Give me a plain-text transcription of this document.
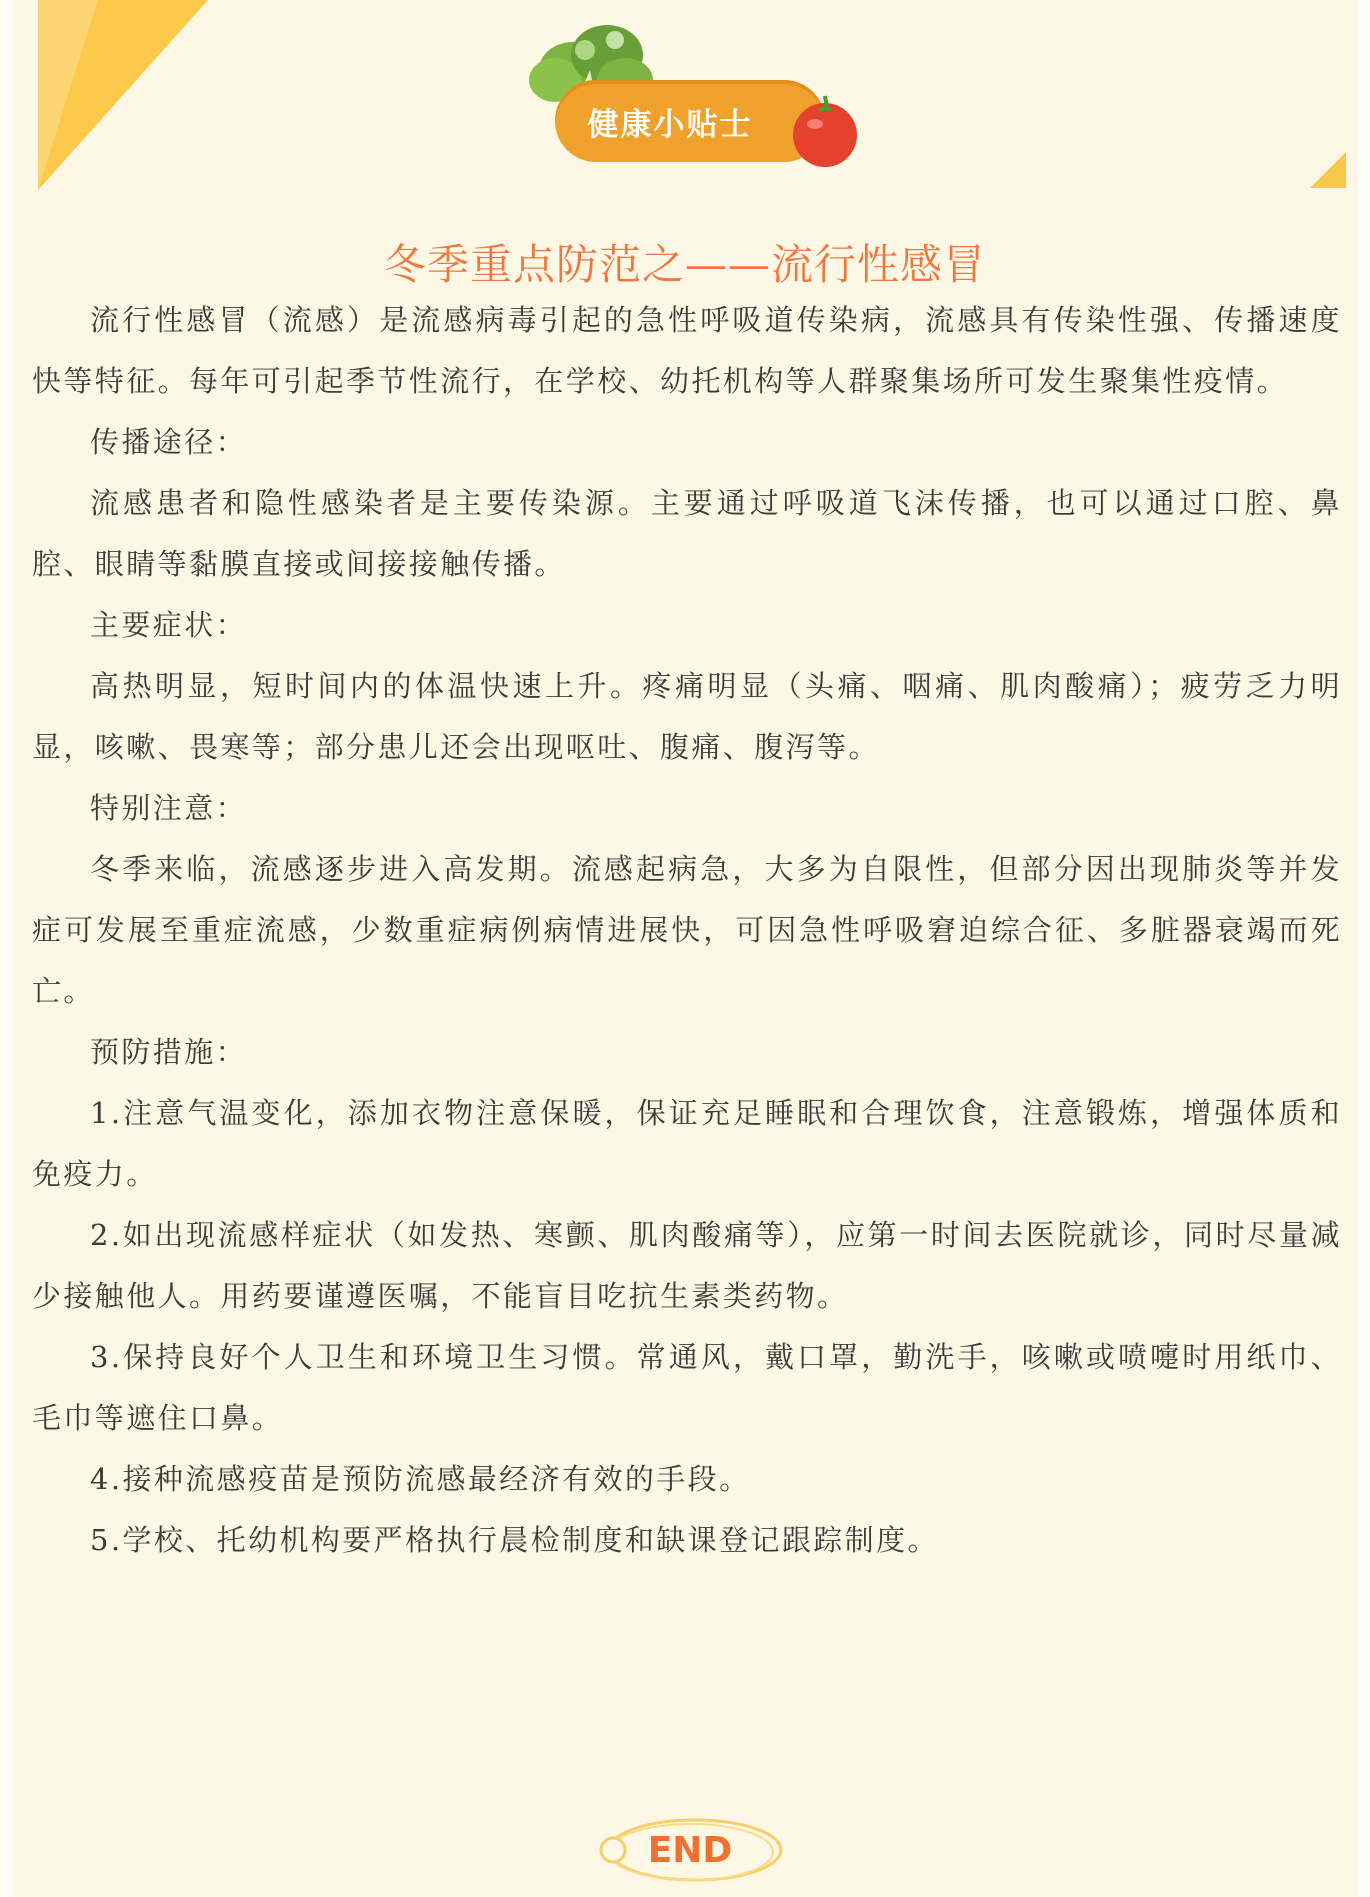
健康小贴士
冬季重点防范之——流行性感冒

流行性感冒（流感）是流感病毒引起的急性呼吸道传染病，流感具有传染性强、传播速度快等特征。每年可引起季节性流行，在学校、幼托机构等人群聚集场所可发生聚集性疫情。

传播途径：

流感患者和隐性感染者是主要传染源。主要通过呼吸道飞沫传播，也可以通过口腔、鼻腔、眼睛等黏膜直接或间接接触传播。

主要症状：

高热明显，短时间内的体温快速上升。疼痛明显（头痛、咽痛、肌肉酸痛）；疲劳乏力明显，咳嗽、畏寒等；部分患儿还会出现呕吐、腹痛、腹泻等。

特别注意：

冬季来临，流感逐步进入高发期。流感起病急，大多为自限性，但部分因出现肺炎等并发症可发展至重症流感，少数重症病例病情进展快，可因急性呼吸窘迫综合征、多脏器衰竭而死亡。

预防措施：

1.注意气温变化，添加衣物注意保暖，保证充足睡眠和合理饮食，注意锻炼，增强体质和免疫力。

2.如出现流感样症状（如发热、寒颤、肌肉酸痛等），应第一时间去医院就诊，同时尽量减少接触他人。用药要谨遵医嘱，不能盲目吃抗生素类药物。

3.保持良好个人卫生和环境卫生习惯。常通风，戴口罩，勤洗手，咳嗽或喷嚏时用纸巾、毛巾等遮住口鼻。

4.接种流感疫苗是预防流感最经济有效的手段。

5.学校、托幼机构要严格执行晨检制度和缺课登记跟踪制度。

END
